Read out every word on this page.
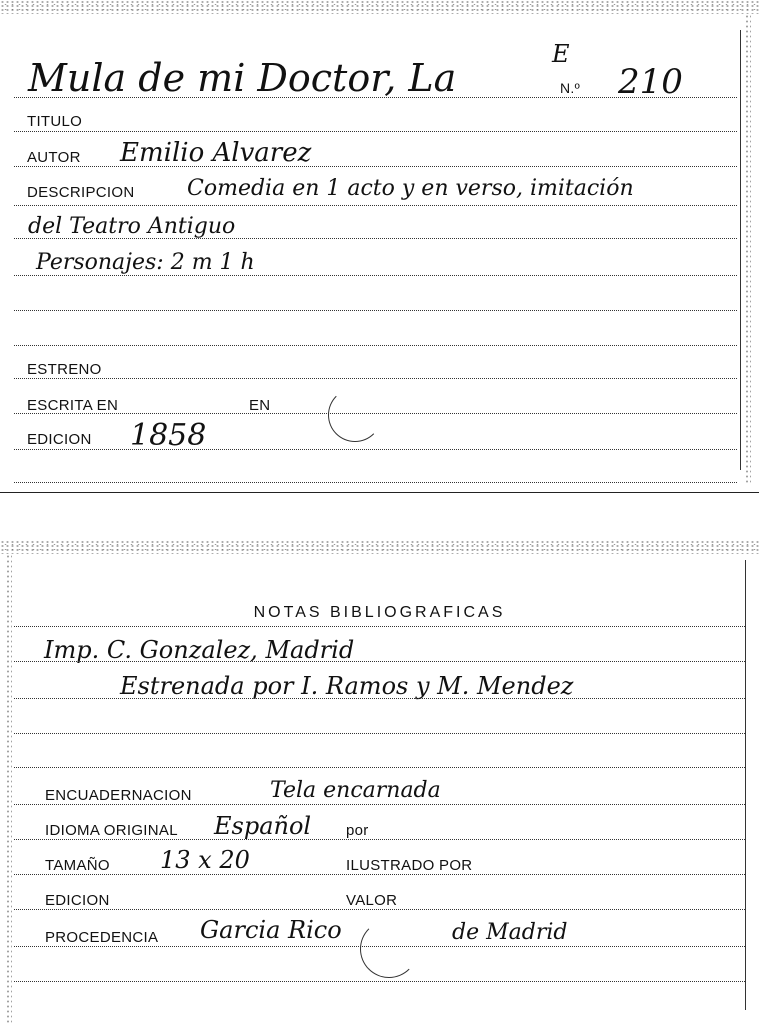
E
Mula de mi Doctor, La	N.º 210
TITULO
AUTOR Emilio Alvarez
DESCRIPCION Comedia en 1 acto y en verso, imitación
del Teatro Antiguo
Personajes: 2 m 1 h
ESTRENO
ESCRITA EN	EN
EDICION 1858
NOTAS BIBLIOGRAFICAS
Imp. C. Gonzalez, Madrid
Estrenada por I. Ramos y M. Mendez
ENCUADERNACION	Tela encarnada
IDIOMA ORIGINAL Español por
TAMAÑO 13 x 20	ILUSTRADO POR
EDICION	VALOR
PROCEDENCIA Garcia Rico	de Madrid
